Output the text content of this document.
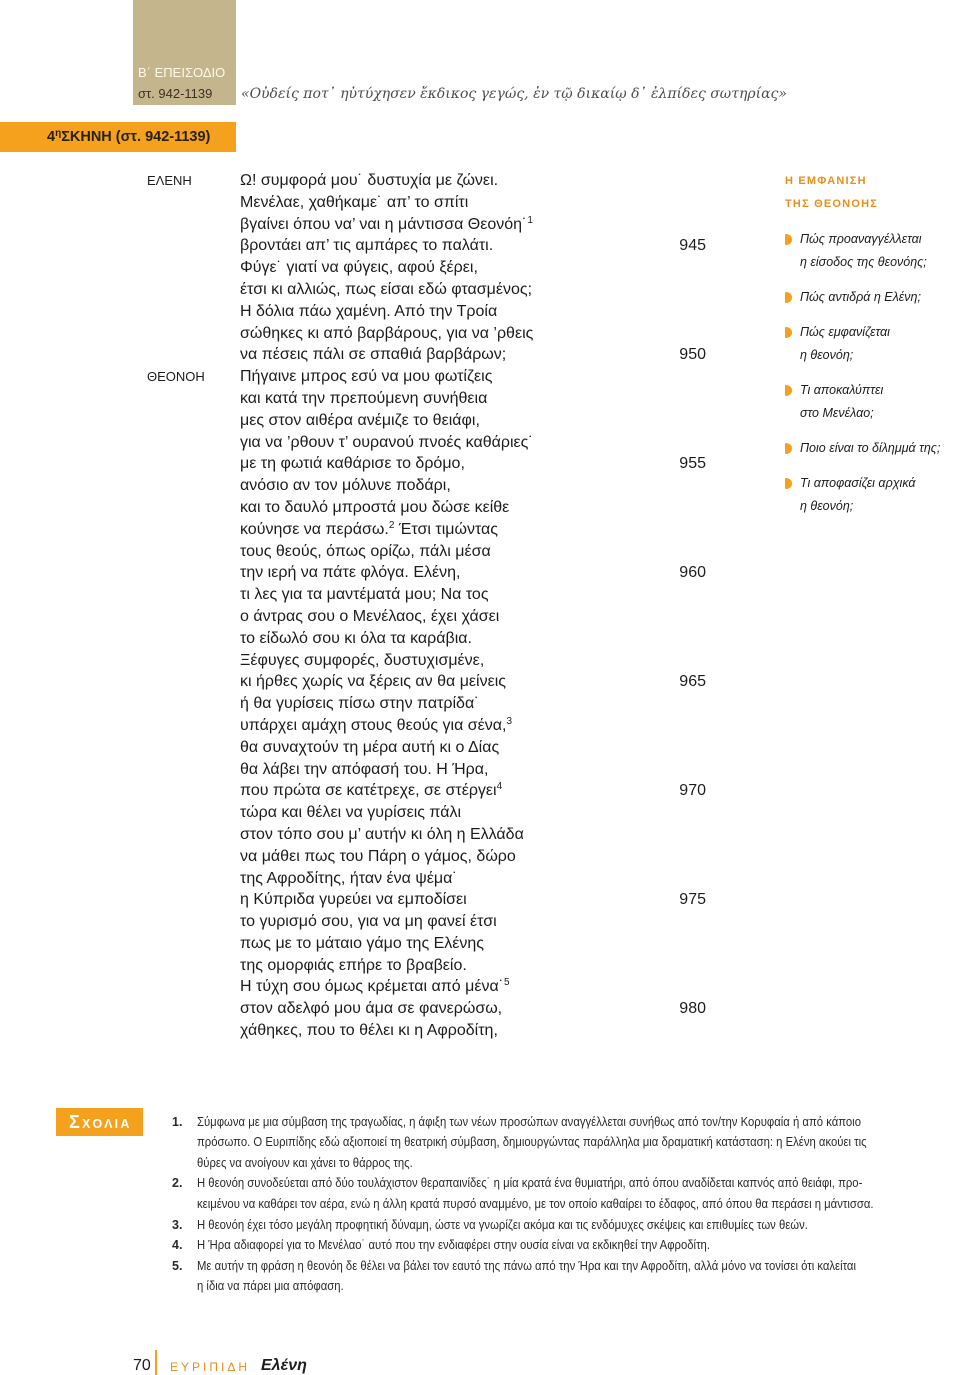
Β΄ ΕΠΕΙΣΟΔΙΟ
στ. 942-1139 «Οὐδείς ποτ᾽ ηὐτύχησεν ἔκδικος γεγώς, ἐν τῷ δικαίῳ δ᾽ ἐλπίδες σωτηρίας»
$4^\eta\Sigma KHNH$ (στ. 942-1139)
ΕΛΕΝΗ	Ω! συμφορά μου˙ δυστυχία με ζώνει.
Μενέλαε, χαθήκαμε˙ απ’ το σπίτι
βγαίνει όπου να’ ναι η μάντισσα Θεονόη˙$^1$
βροντάει απ’ τις αμπάρες το παλάτι.	945
Φύγε˙ γιατί να φύγεις, αφού ξέρει,
έτσι κι αλλιώς, πως είσαι εδώ φτασμένος;
Η δόλια πάω χαμένη. Από την Τροία
σώθηκες κι από βαρβάρους, για να ’ρθεις
να πέσεις πάλι σε σπαθιά βαρβάρων;	950
ΘΕΟΝΟΗ Πήγαινε μπρος εσύ να μου φωτίζεις
και κατά την πρεπούμενη συνήθεια
μες στον αιθέρα ανέμιζε το θειάφι,
για να ’ρθουν τ’ ουρανού πνοές καθάριες˙
με τη φωτιά καθάρισε το δρόμο,	955
ανόσιο αν τον μόλυνε ποδάρι,
και το δαυλό μπροστά μου δώσε κείθε
κούνησε να περάσω.$^2$ Έτσι τιμώντας
τους θεούς, όπως ορίζω, πάλι μέσα
την ιερή να πάτε φλόγα. Ελένη,	960
τι λες για τα μαντέματά μου; Να τος
ο άντρας σου ο Μενέλαος, έχει χάσει
το είδωλό σου κι όλα τα καράβια.
Ξέφυγες συμφορές, δυστυχισμένε,
κι ήρθες χωρίς να ξέρεις αν θα μείνεις	965
ή θα γυρίσεις πίσω στην πατρίδα˙
υπάρχει αμάχη στους θεούς για σένα,$^3$
θα συναχτούν τη μέρα αυτή κι ο Δίας
θα λάβει την απόφασή του. Η Ήρα,
που πρώτα σε κατέτρεχε, σε στέργει$^4$	970
τώρα και θέλει να γυρίσεις πάλι
στον τόπο σου μ’ αυτήν κι όλη η Ελλάδα
να μάθει πως του Πάρη ο γάμος, δώρο
της Αφροδίτης, ήταν ένα ψέμα˙
η Κύπριδα γυρεύει να εμποδίσει	975
το γυρισμό σου, για να μη φανεί έτσι
πως με το μάταιο γάμο της Ελένης
της ομορφιάς επήρε το βραβείο.
Η τύχη σου όμως κρέμεται από μένα˙$^5$
στον αδελφό μου άμα σε φανερώσω,	980
χάθηκες, που το θέλει κι η Αφροδίτη,
Η ΕΜΦΑΝΙΣΗ
ΤΗΣ ΘΕΟΝΟΗΣ
Πώς προαναγγέλλεται
η είσοδος της θεονόης;
Πώς αντιδρά η Ελένη;
Πώς εμφανίζεται
η θεονόη;
Τι αποκαλύπτει
στο Μενέλαο;
Ποιο είναι το δίλημμά της;
Τι αποφασίζει αρχικά
η θεονόη;
ΣΧΟΛΙΑ	1. Σύμφωνα με μια σύμβαση της τραγωδίας, η άφιξη των νέων προσώπων αναγγέλλεται συνήθως από τον/την Κορυφαία ή από κάποιο
πρόσωπο. Ο Ευριπίδης εδώ αξιοποιεί τη θεατρική σύμβαση, δημιουργώντας παράλληλα μια δραματική κατάσταση: η Ελένη ακούει τις
θύρες να ανοίγουν και χάνει το θάρρος της.
2. Η θεονόη συνοδεύεται από δύο τουλάχιστον θεραπαινίδες˙ η μία κρατά ένα θυμιατήρι, από όπου αναδίδεται καπνός από θειάφι, προ-
κειμένου να καθάρει τον αέρα, ενώ η άλλη κρατά πυρσό αναμμένο, με τον οποίο καθαίρει το έδαφος, από όπου θα περάσει η μάντισσα.
3. Η θεονόη έχει τόσο μεγάλη προφητική δύναμη, ώστε να γνωρίζει ακόμα και τις ενδόμυχες σκέψεις και επιθυμίες των θεών.
4. Η Ήρα αδιαφορεί για το Μενέλαο˙ αυτό που την ενδιαφέρει στην ουσία είναι να εκδικηθεί την Αφροδίτη.
5. Με αυτήν τη φράση η θεονόη δε θέλει να βάλει τον εαυτό της πάνω από την Ήρα και την Αφροδίτη, αλλά μόνο να τονίσει ότι καλείται
η ίδια να πάρει μια απόφαση.
70 ΕΥΡΙΠΙΔΗ Ελένη
